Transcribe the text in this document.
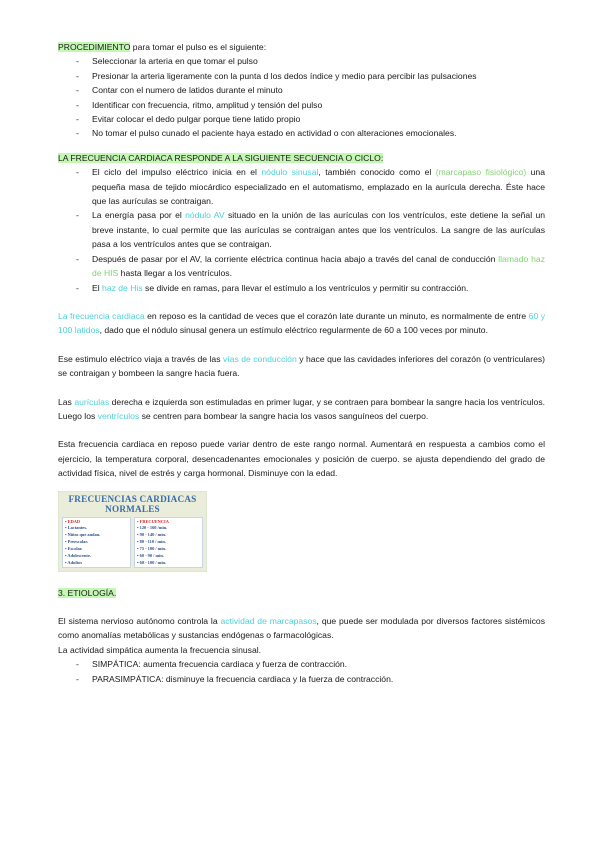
PROCEDIMIENTO para tomar el pulso es el siguiente:

- Seleccionar la arteria en que tomar el pulso
- Presionar la arteria ligeramente con la punta d los dedos índice y medio para percibir las pulsaciones
- Contar con el numero de latidos durante el minuto
- Identificar con frecuencia, ritmo, amplitud y tensión del pulso
- Evitar colocar el dedo pulgar porque tiene latido propio
- No tomar el pulso cunado el paciente haya estado en actividad o con alteraciones emocionales.

LA FRECUENCIA CARDIACA RESPONDE A LA SIGUIENTE SECUENCIA O CICLO:

- El ciclo del impulso eléctrico inicia en el nódulo sinusal, también conocido como el (marcapaso fisiológico) una pequeña masa de tejido miocárdico especializado en el automatismo, emplazado en la aurícula derecha. Éste hace que las aurículas se contraigan.
- La energía pasa por el nódulo AV situado en la unión de las aurículas con los ventrículos, este detiene la señal un breve instante, lo cual permite que las aurículas se contraigan antes que los ventrículos. La sangre de las aurículas pasa a los ventrículos antes que se contraigan.
- Después de pasar por el AV, la corriente eléctrica continua hacia abajo a través del canal de conducción llamado haz de HIS hasta llegar a los ventrículos.
- El haz de His se divide en ramas, para llevar el estímulo a los ventrículos y permitir su contracción.

La frecuencia cardiaca en reposo es la cantidad de veces que el corazón late durante un minuto, es normalmente de entre 60 y 100 latidos, dado que el nódulo sinusal genera un estímulo eléctrico regularmente de 60 a 100 veces por minuto.

Ese estimulo eléctrico viaja a través de las vías de conducción y hace que las cavidades inferiores del corazón (o ventriculares) se contraigan y bombeen la sangre hacia fuera.

Las aurículas derecha e izquierda son estimuladas en primer lugar, y se contraen para bombear la sangre hacia los ventrículos. Luego los ventrículos se centren para bombear la sangre hacia los vasos sanguíneos del cuerpo.

Esta frecuencia cardiaca en reposo puede variar dentro de este rango normal. Aumentará en respuesta a cambios como el ejercicio, la temperatura corporal, desencadenantes emocionales y posición de cuerpo. se ajusta dependiendo del grado de actividad física, nivel de estrés y carga hormonal. Disminuye con la edad.

FRECUENCIAS CARDIACAS
NORMALES
• EDAD
• Lactantes.
• Niños que andan.
• Preescolar.
• Escolar.
• Adolescente.
• Adultos
• FRECUENCIA
• 120 - 160 /min.
• 90 - 140 / min.
• 80 - 110 / min.
• 75 - 100 / min.
• 60 - 90 / min.
• 60 - 100 / min.

3. ETIOLOGÍA.

El sistema nervioso autónomo controla la actividad de marcapasos, que puede ser modulada por diversos factores sistémicos como anomalías metabólicas y sustancias endógenas o farmacológicas.

La actividad simpática aumenta la frecuencia sinusal.

- SIMPÁTICA: aumenta frecuencia cardiaca y fuerza de contracción.
- PARASIMPÁTICA: disminuye la frecuencia cardiaca y la fuerza de contracción.
